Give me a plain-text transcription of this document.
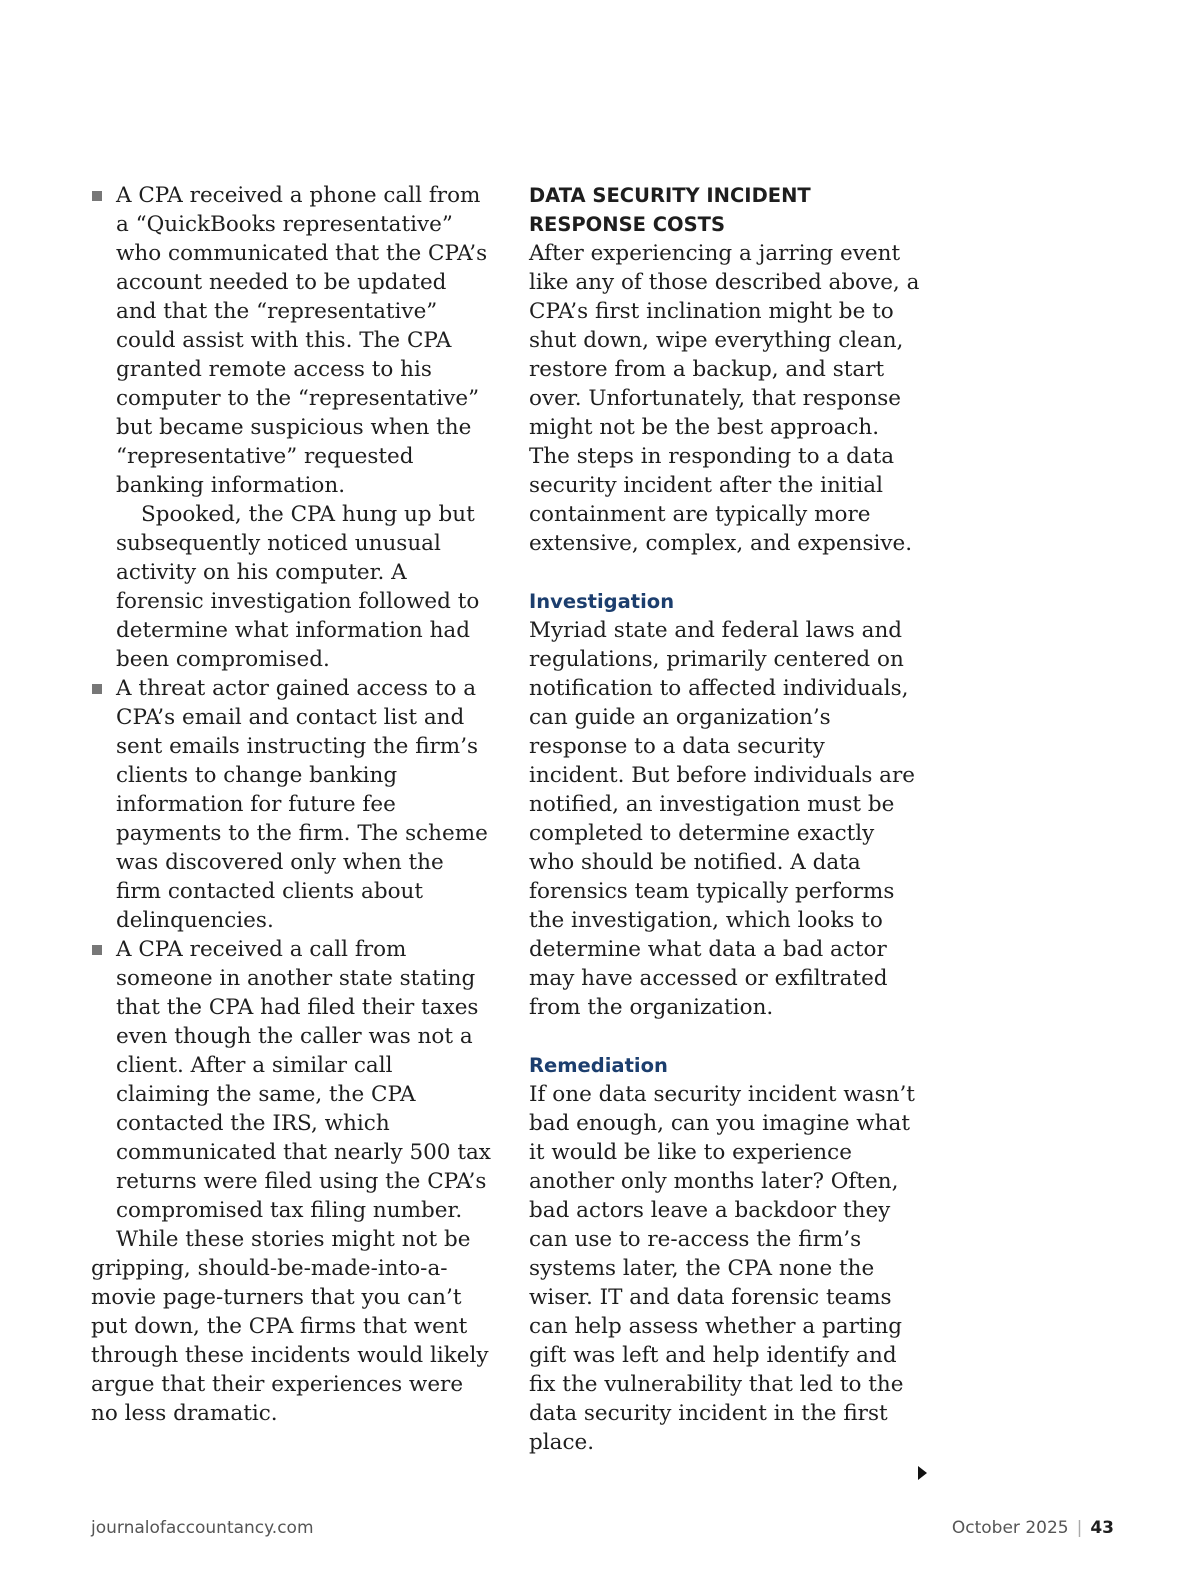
A CPA received a phone call from a “QuickBooks representative” who communicated that the CPA’s account needed to be updated and that the “representative” could assist with this. The CPA granted remote access to his computer to the “representative” but became suspicious when the “representative” requested banking information.

Spooked, the CPA hung up but subsequently noticed unusual activity on his computer. A forensic investigation followed to determine what information had been compromised.

A threat actor gained access to a CPA’s email and contact list and sent emails instructing the firm’s clients to change banking information for future fee payments to the firm. The scheme was discovered only when the firm contacted clients about delinquencies.

A CPA received a call from someone in another state stating that the CPA had filed their taxes even though the caller was not a client. After a similar call claiming the same, the CPA contacted the IRS, which communicated that nearly 500 tax returns were filed using the CPA’s compromised tax filing number.

While these stories might not be gripping, should-be-made-into-a-movie page-turners that you can’t put down, the CPA firms that went through these incidents would likely argue that their experiences were no less dramatic.

DATA SECURITY INCIDENT
RESPONSE COSTS

After experiencing a jarring event like any of those described above, a CPA’s first inclination might be to shut down, wipe everything clean, restore from a backup, and start over. Unfortunately, that response might not be the best approach. The steps in responding to a data security incident after the initial containment are typically more extensive, complex, and expensive.

Investigation

Myriad state and federal laws and regulations, primarily centered on notification to affected individuals, can guide an organization’s response to a data security incident. But before individuals are notified, an investigation must be completed to determine exactly who should be notified. A data forensics team typically performs the investigation, which looks to determine what data a bad actor may have accessed or exfiltrated from the organization.

Remediation

If one data security incident wasn’t bad enough, can you imagine what it would be like to experience another only months later? Often, bad actors leave a backdoor they can use to re-access the firm’s systems later, the CPA none the wiser. IT and data forensic teams can help assess whether a parting gift was left and help identify and fix the vulnerability that led to the data security incident in the first place.

journalofaccountancy.com	October 2025 | 43
